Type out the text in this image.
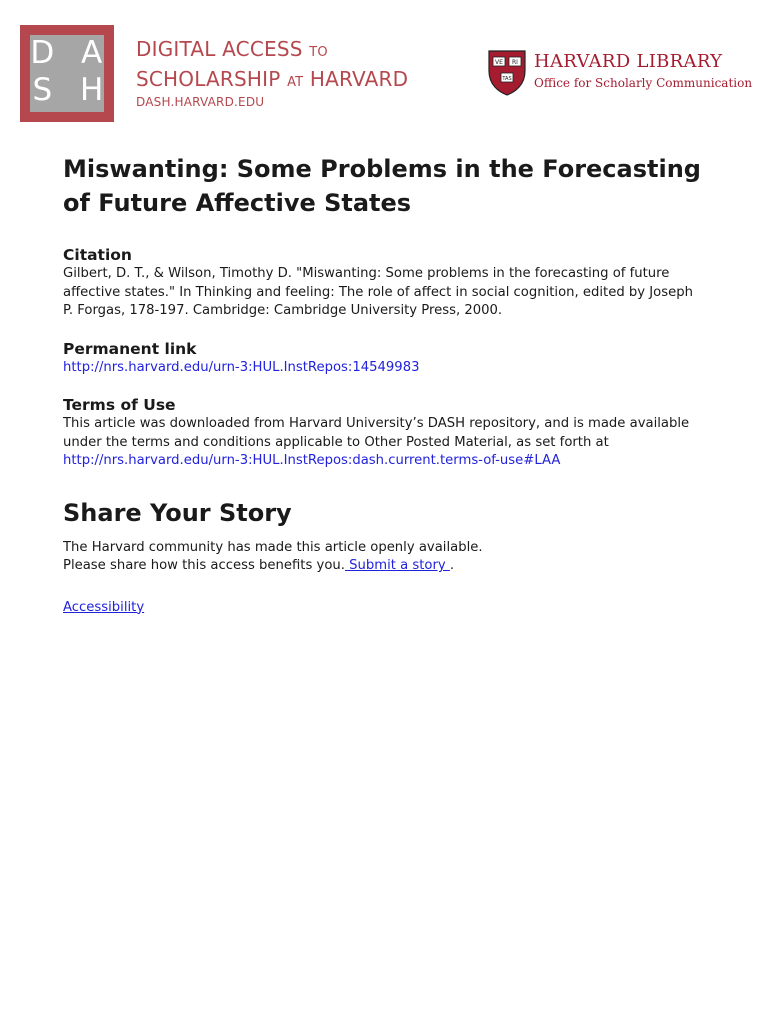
D A
S H
DIGITAL ACCESS TO
SCHOLARSHIP AT HARVARD
DASH.HARVARD.EDU
VE RI
TAS
HARVARD LIBRARY
Office for Scholarly Communication
Miswanting: Some Problems in the Forecasting of Future Affective States
Citation

Gilbert, D. T., & Wilson, Timothy D. "Miswanting: Some problems in the forecasting of future affective states." In Thinking and feeling: The role of affect in social cognition, edited by Joseph P. Forgas, 178-197. Cambridge: Cambridge University Press, 2000.

Permanent link

http://nrs.harvard.edu/urn-3:HUL.InstRepos:14549983

Terms of Use

This article was downloaded from Harvard University’s DASH repository, and is made available under the terms and conditions applicable to Other Posted Material, as set forth at http://nrs.harvard.edu/urn-3:HUL.InstRepos:dash.current.terms-of-use#LAA

Share Your Story

The Harvard community has made this article openly available.

Please share how this access benefits you. Submit a story .

Accessibility
